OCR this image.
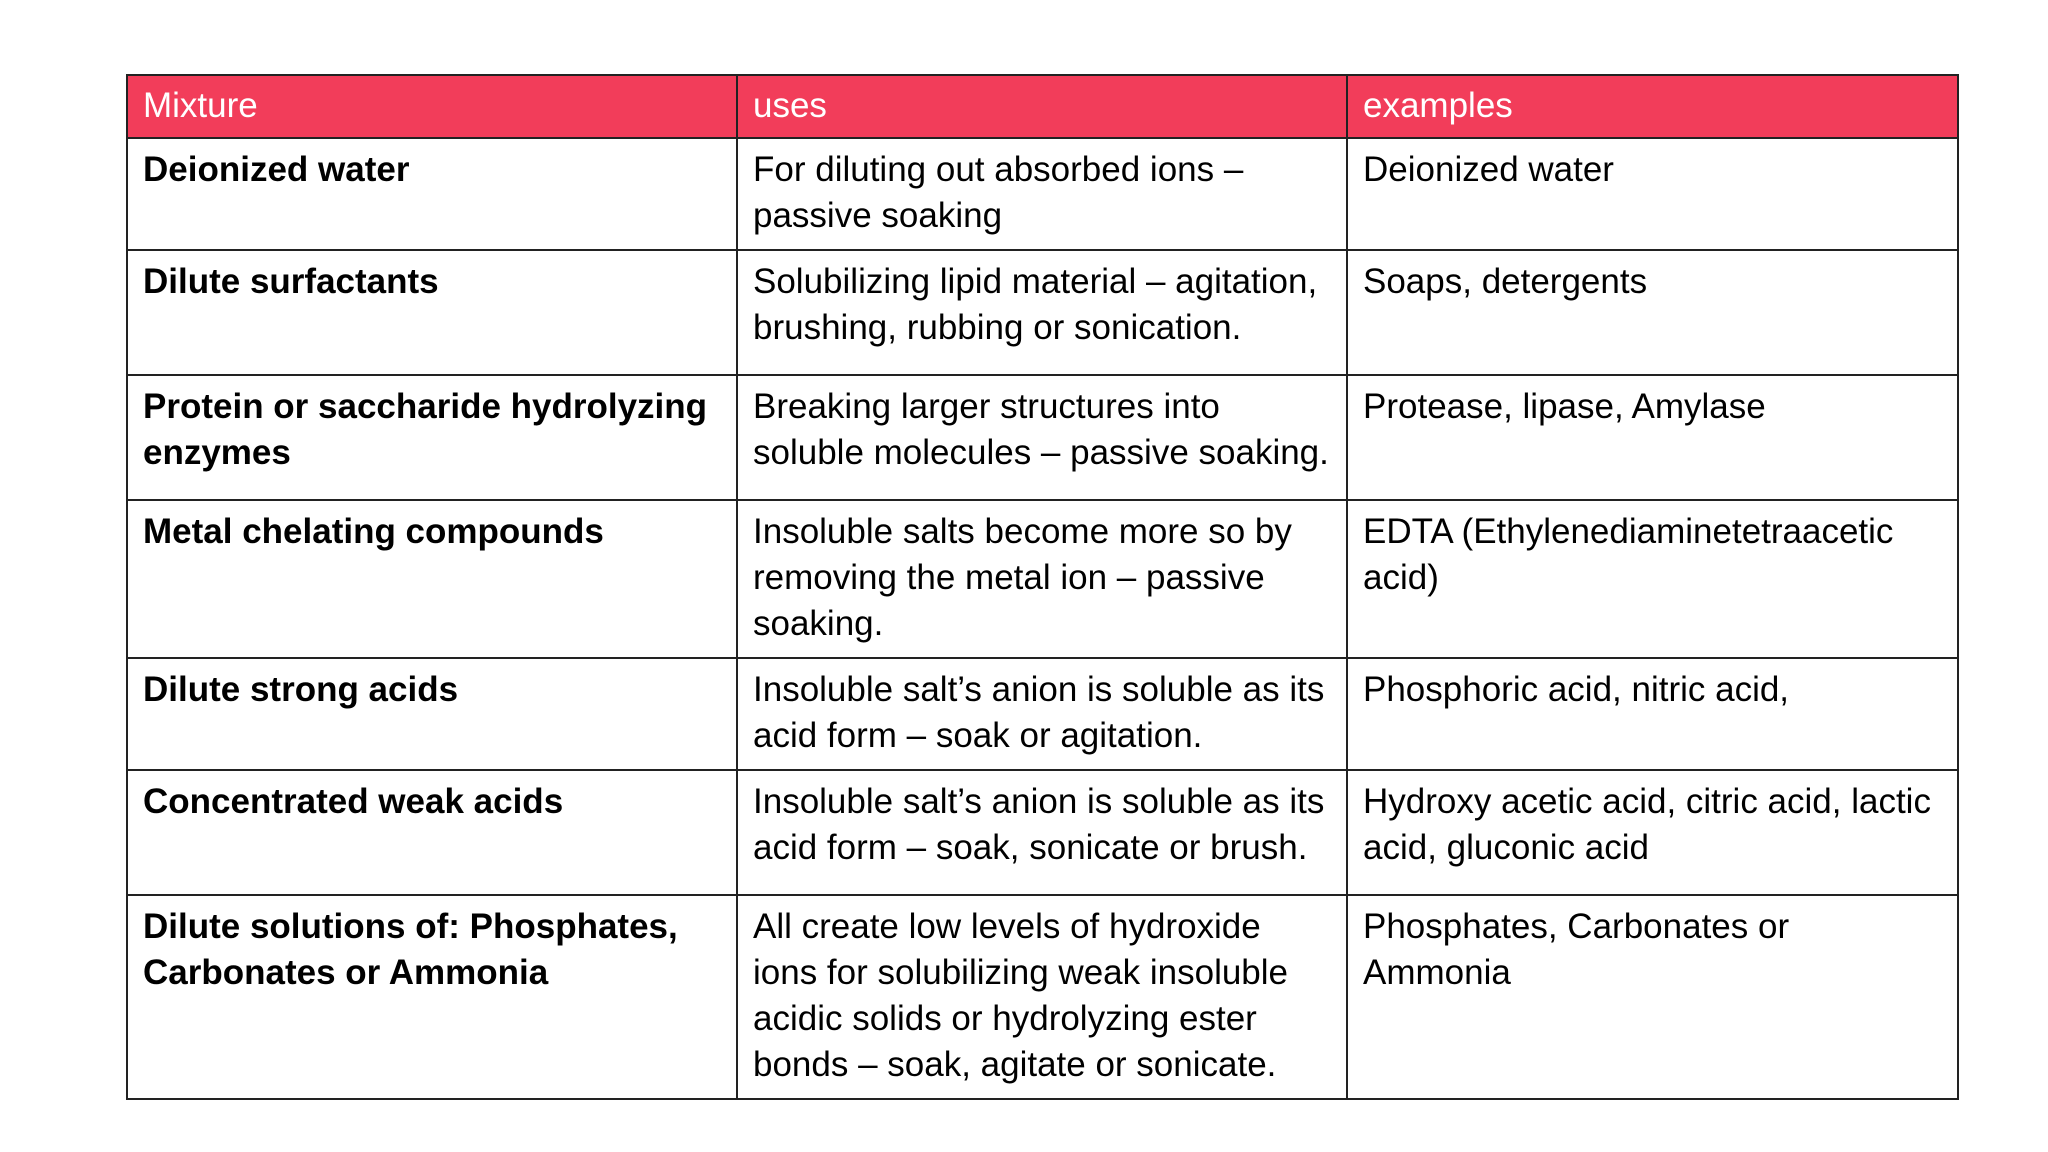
Mixture	uses	examples
Deionized water	For diluting out absorbed ions – passive soaking	Deionized water
Dilute surfactants	Solubilizing lipid material – agitation, brushing, rubbing or sonication.	Soaps, detergents
Protein or saccharide hydrolyzing enzymes	Breaking larger structures into soluble molecules – passive soaking.	Protease, lipase, Amylase
Metal chelating compounds	Insoluble salts become more so by removing the metal ion – passive soaking.	EDTA (Ethylenediaminetetraacetic acid)
Dilute strong acids	Insoluble salt’s anion is soluble as its acid form – soak or agitation.	Phosphoric acid, nitric acid,
Concentrated weak acids	Insoluble salt’s anion is soluble as its acid form – soak, sonicate or brush.	Hydroxy acetic acid, citric acid, lactic acid, gluconic acid
Dilute solutions of: Phosphates, Carbonates or Ammonia	All create low levels of hydroxide ions for solubilizing weak insoluble acidic solids or hydrolyzing ester bonds – soak, agitate or sonicate.	Phosphates, Carbonates or Ammonia
